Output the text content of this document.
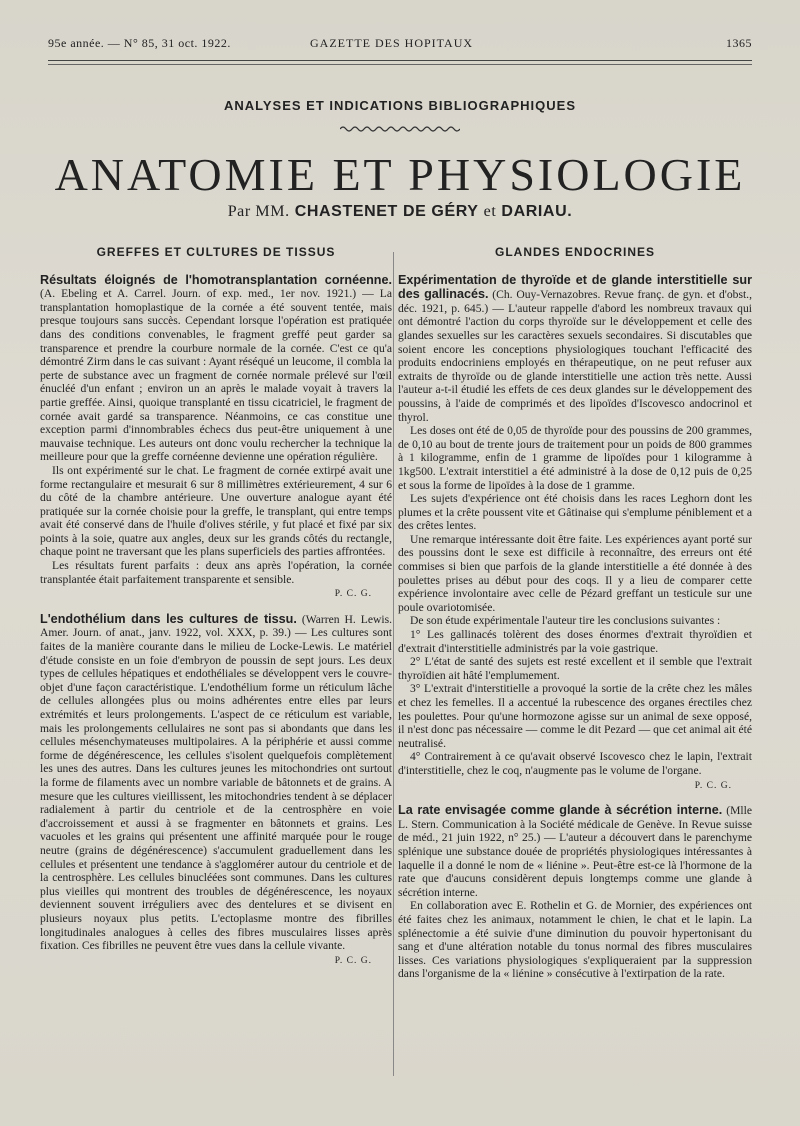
95e année. — N° 85, 31 oct. 1922.	GAZETTE DES HOPITAUX	1365
ANALYSES ET INDICATIONS BIBLIOGRAPHIQUES
ANATOMIE ET PHYSIOLOGIE
Par MM. CHASTENET DE GÉRY et DARIAU.
GREFFES ET CULTURES DE TISSUS

Résultats éloignés de l'homotransplantation cornéenne. (A. Ebeling et A. Carrel. Journ. of exp. med., 1er nov. 1921.) — La transplantation homoplastique de la cornée a été souvent tentée, mais presque toujours sans succès. Cependant lorsque l'opération est pratiquée dans des conditions convenables, le fragment greffé peut garder sa transparence et prendre la courbure normale de la cornée. C'est ce qu'a démontré Zirm dans le cas suivant : Ayant réséqué un leucome, il combla la perte de substance avec un fragment de cornée normale prélevé sur l'œil énucléé d'un enfant ; environ un an après le malade voyait à travers la partie greffée. Ainsi, quoique transplanté en tissu cicatriciel, le fragment de cornée avait gardé sa transparence. Néanmoins, ce cas constitue une exception parmi d'innombrables échecs dus peut-être uniquement à une mauvaise technique. Les auteurs ont donc voulu rechercher la technique la meilleure pour que la greffe cornéenne devienne une opération régulière.

Ils ont expérimenté sur le chat. Le fragment de cornée extirpé avait une forme rectangulaire et mesurait 6 sur 8 millimètres extérieurement, 4 sur 6 du côté de la chambre antérieure. Une ouverture analogue ayant été pratiquée sur la cornée choisie pour la greffe, le transplant, qui entre temps avait été conservé dans de l'huile d'olives stérile, y fut placé et fixé par six points à la soie, quatre aux angles, deux sur les grands côtés du rectangle, chaque point ne traversant que les plans superficiels des parties affrontées.

Les résultats furent parfaits : deux ans après l'opération, la cornée transplantée était parfaitement transparente et sensible.

P. C. G.

L'endothélium dans les cultures de tissu. (Warren H. Lewis. Amer. Journ. of anat., janv. 1922, vol. XXX, p. 39.) — Les cultures sont faites de la manière courante dans le milieu de Locke-Lewis. Le matériel d'étude consiste en un foie d'embryon de poussin de sept jours. Les deux types de cellules hépatiques et endothéliales se développent vers le couvre-objet d'une façon caractéristique. L'endothélium forme un réticulum lâche de cellules allongées plus ou moins adhérentes entre elles par leurs extrémités et leurs prolongements. L'aspect de ce réticulum est variable, mais les prolongements cellulaires ne sont pas si abondants que dans les cellules mésenchymateuses multipolaires. A la périphérie et aussi comme forme de dégénérescence, les cellules s'isolent quelquefois complètement les unes des autres. Dans les cultures jeunes les mitochondries ont surtout la forme de filaments avec un nombre variable de bâtonnets et de grains. A mesure que les cultures vieillissent, les mitochondries tendent à se déplacer radialement à partir du centriole et de la centrosphère en voie d'accroissement et aussi à se fragmenter en bâtonnets et grains. Les vacuoles et les grains qui présentent une affinité marquée pour le rouge neutre (grains de dégénérescence) s'accumulent graduellement dans les cellules et présentent une tendance à s'agglomérer autour du centriole et de la centrosphère. Les cellules binucléées sont communes. Dans les cultures plus vieilles qui montrent des troubles de dégénérescence, les noyaux deviennent souvent irréguliers avec des dentelures et se divisent en plusieurs noyaux plus petits. L'ectoplasme montre des fibrilles longitudinales analogues à celles des fibres musculaires lisses après fixation. Ces fibrilles ne peuvent être vues dans la cellule vivante.

P. C. G.
GLANDES ENDOCRINES

Expérimentation de thyroïde et de glande interstitielle sur des gallinacés. (Ch. Ouy-Vernazobres. Revue franç. de gyn. et d'obst., déc. 1921, p. 645.) — L'auteur rappelle d'abord les nombreux travaux qui ont démontré l'action du corps thyroïde sur le développement et celle des glandes sexuelles sur les caractères sexuels secondaires. Si discutables que soient encore les conceptions physiologiques touchant l'efficacité des produits endocriniens employés en thérapeutique, on ne peut refuser aux extraits de thyroïde ou de glande interstitielle une action très nette. Aussi l'auteur a-t-il étudié les effets de ces deux glandes sur le développement des poussins, à l'aide de comprimés et des lipoïdes d'Iscovesco andocrinol et thyrol.

Les doses ont été de 0,05 de thyroïde pour des poussins de 200 grammes, de 0,10 au bout de trente jours de traitement pour un poids de 800 grammes à 1 kilogramme, enfin de 1 gramme de lipoïdes pour 1 kilogramme à 1kg500. L'extrait interstitiel a été administré à la dose de 0,12 puis de 0,25 et sous la forme de lipoïdes à la dose de 1 gramme.

Les sujets d'expérience ont été choisis dans les races Leghorn dont les plumes et la crête poussent vite et Gâtinaise qui s'emplume péniblement et a des crêtes lentes.

Une remarque intéressante doit être faite. Les expériences ayant porté sur des poussins dont le sexe est difficile à reconnaître, des erreurs ont été commises si bien que parfois de la glande interstitielle a été donnée à des poulettes prises au début pour des coqs. Il y a lieu de comparer cette expérience involontaire avec celle de Pézard greffant un testicule sur une poule ovariotomisée.

De son étude expérimentale l'auteur tire les conclusions suivantes :

1° Les gallinacés tolèrent des doses énormes d'extrait thyroïdien et d'extrait d'interstitielle administrés par la voie gastrique.

2° L'état de santé des sujets est resté excellent et il semble que l'extrait thyroïdien ait hâté l'emplumement.

3° L'extrait d'interstitielle a provoqué la sortie de la crête chez les mâles et chez les femelles. Il a accentué la rubescence des organes érectiles chez les poulettes. Pour qu'une hormozone agisse sur un animal de sexe opposé, il n'est donc pas nécessaire — comme le dit Pezard — que cet animal ait été neutralisé.

4° Contrairement à ce qu'avait observé Iscovesco chez le lapin, l'extrait d'interstitielle, chez le coq, n'augmente pas le volume de l'organe.

P. C. G.

La rate envisagée comme glande à sécrétion interne. (Mlle L. Stern. Communication à la Société médicale de Genève. In Revue suisse de méd., 21 juin 1922, n° 25.) — L'auteur a découvert dans le parenchyme splénique une substance douée de propriétés physiologiques intéressantes à laquelle il a donné le nom de « liénine ». Peut-être est-ce là l'hormone de la rate que d'aucuns considèrent depuis longtemps comme une glande à sécrétion interne.

En collaboration avec E. Rothelin et G. de Mornier, des expériences ont été faites chez les animaux, notamment le chien, le chat et le lapin. La splénectomie a été suivie d'une diminution du pouvoir hypertonisant du sang et d'une altération notable du tonus normal des fibres musculaires lisses. Ces variations physiologiques s'expliqueraient par la suppression dans l'organisme de la « liénine » consécutive à l'extirpation de la rate.
